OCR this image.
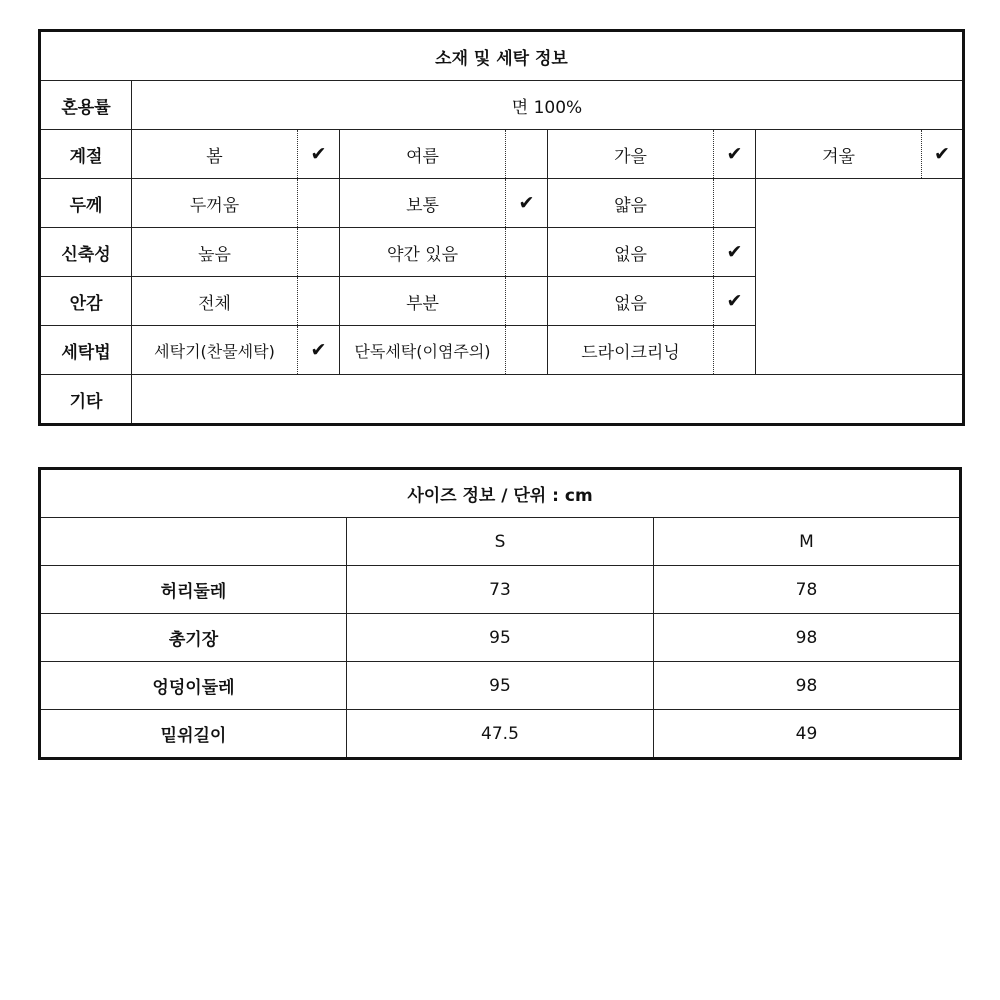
소재 및 세탁 정보								
혼용률	면 100%							
계절	봄	✔	여름		가을	✔	겨울	✔
두께	두꺼움		보통	✔	얇음			
신축성	높음		약간 있음		없음	✔		
안감	전체		부분		없음	✔		
세탁법	세탁기(찬물세탁)	✔	단독세탁(이염주의)		드라이크리닝			
기타								
사이즈 정보 / 단위 : cm		
	S	M
허리둘레	73	78
총기장	95	98
엉덩이둘레	95	98
밑위길이	47.5	49
